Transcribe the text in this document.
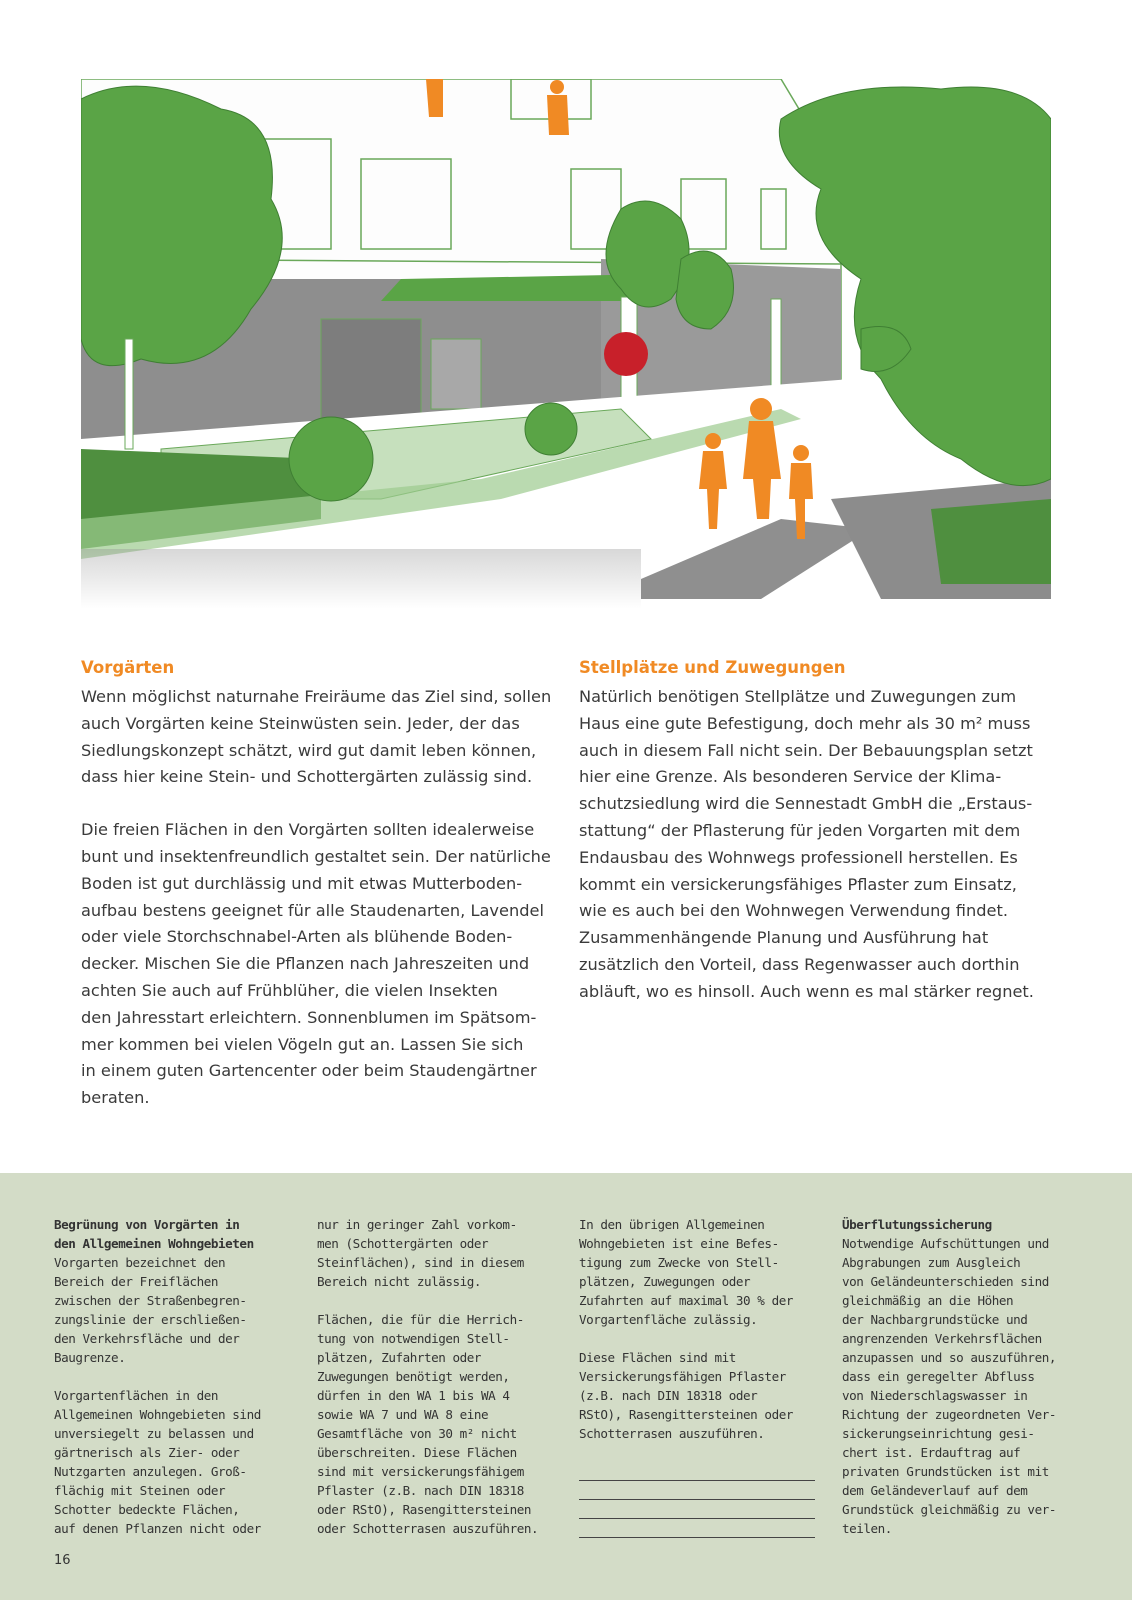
Vorgärten

Wenn möglichst naturnahe Freiräume das Ziel sind, sollen
auch Vorgärten keine Steinwüsten sein. Jeder, der das
Siedlungskonzept schätzt, wird gut damit leben können,
dass hier keine Stein- und Schottergärten zulässig sind.

Die freien Flächen in den Vorgärten sollten idealerweise
bunt und insektenfreundlich gestaltet sein. Der natürliche
Boden ist gut durchlässig und mit etwas Mutterboden-
aufbau bestens geeignet für alle Staudenarten, Lavendel
oder viele Storchschnabel-Arten als blühende Boden-
decker. Mischen Sie die Pflanzen nach Jahreszeiten und
achten Sie auch auf Frühblüher, die vielen Insekten
den Jahresstart erleichtern. Sonnenblumen im Spätsom-
mer kommen bei vielen Vögeln gut an. Lassen Sie sich
in einem guten Gartencenter oder beim Staudengärtner
beraten.

Stellplätze und Zuwegungen

Natürlich benötigen Stellplätze und Zuwegungen zum
Haus eine gute Befestigung, doch mehr als 30 m² muss
auch in diesem Fall nicht sein. Der Bebauungsplan setzt
hier eine Grenze. Als besonderen Service der Klima-
schutzsiedlung wird die Sennestadt GmbH die „Erstaus-
stattung“ der Pflasterung für jeden Vorgarten mit dem
Endausbau des Wohnwegs professionell herstellen. Es
kommt ein versickerungsfähiges Pflaster zum Einsatz,
wie es auch bei den Wohnwegen Verwendung findet.
Zusammenhängende Planung und Ausführung hat
zusätzlich den Vorteil, dass Regenwasser auch dorthin
abläuft, wo es hinsoll. Auch wenn es mal stärker regnet.

Begrünung von Vorgärten in
den Allgemeinen Wohngebieten
Vorgarten bezeichnet den
Bereich der Freiflächen
zwischen der Straßenbegren-
zungslinie der erschließen-
den Verkehrsfläche und der
Baugrenze.

Vorgartenflächen in den
Allgemeinen Wohngebieten sind
unversiegelt zu belassen und
gärtnerisch als Zier- oder
Nutzgarten anzulegen. Groß-
flächig mit Steinen oder
Schotter bedeckte Flächen,
auf denen Pflanzen nicht oder

nur in geringer Zahl vorkom-
men (Schottergärten oder
Steinflächen), sind in diesem
Bereich nicht zulässig.

Flächen, die für die Herrich-
tung von notwendigen Stell-
plätzen, Zufahrten oder
Zuwegungen benötigt werden,
dürfen in den WA 1 bis WA 4
sowie WA 7 und WA 8 eine
Gesamtfläche von 30 m² nicht
überschreiten. Diese Flächen
sind mit versickerungsfähigem
Pflaster (z.B. nach DIN 18318
oder RStO), Rasengittersteinen
oder Schotterrasen auszuführen.

In den übrigen Allgemeinen
Wohngebieten ist eine Befes-
tigung zum Zwecke von Stell-
plätzen, Zuwegungen oder
Zufahrten auf maximal 30 % der
Vorgartenfläche zulässig.

Diese Flächen sind mit
Versickerungsfähigen Pflaster
(z.B. nach DIN 18318 oder
RStO), Rasengittersteinen oder
Schotterrasen auszuführen.

Überflutungssicherung
Notwendige Aufschüttungen und
Abgrabungen zum Ausgleich
von Geländeunterschieden sind
gleichmäßig an die Höhen
der Nachbargrundstücke und
angrenzenden Verkehrsflächen
anzupassen und so auszuführen,
dass ein geregelter Abfluss
von Niederschlagswasser in
Richtung der zugeordneten Ver-
sickerungseinrichtung gesi-
chert ist. Erdauftrag auf
privaten Grundstücken ist mit
dem Geländeverlauf auf dem
Grundstück gleichmäßig zu ver-
teilen.

16
